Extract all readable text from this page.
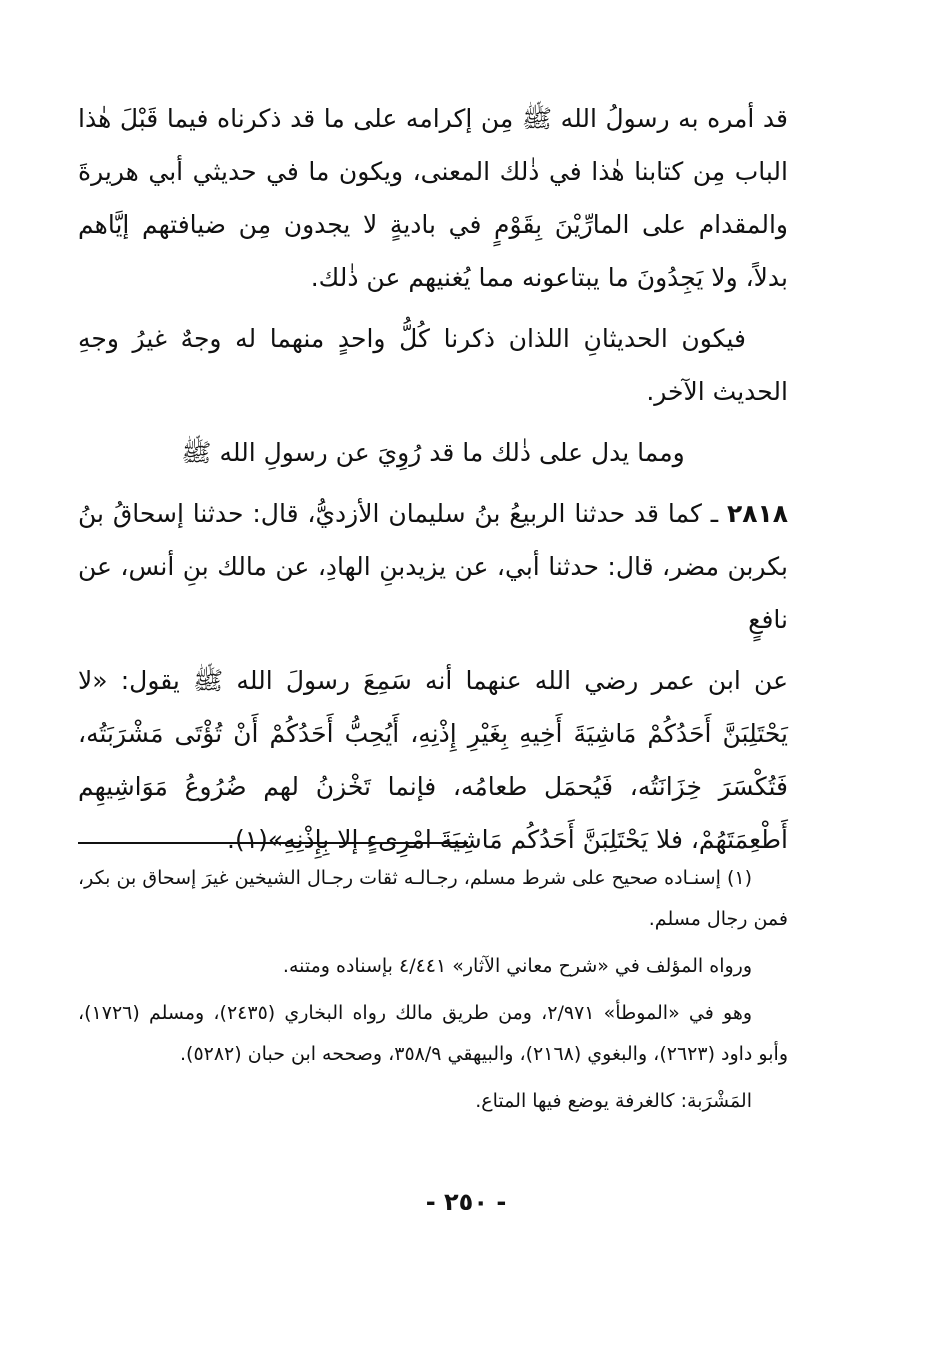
قد أمره به رسولُ الله ﷺ مِن إكرامه على ما قد ذكرناه فيما قَبْلَ هٰذا الباب مِن كتابنا هٰذا في ذٰلك المعنى، ويكون ما في حديثي أبي هريرةَ والمقدام على المارِّيْنَ بِقَوْمٍ في باديةٍ لا يجدون مِن ضيافتهم إيَّاهم بدلاً، ولا يَجِدُونَ ما يبتاعونه مما يُغنيهم عن ذٰلك.

فيكون الحديثانِ اللذان ذكرنا كُلُّ واحدٍ منهما له وجهٌ غيرُ وجهِ الحديث الآخر.

ومما يدل على ذٰلك ما قد رُوِيَ عن رسولِ الله ﷺ

٢٨١٨ ـ كما قد حدثنا الربيعُ بنُ سليمان الأزديُّ، قال: حدثنا إسحاقُ بنُ بكربن مضر، قال: حدثنا أبي، عن يزيدبنِ الهادِ، عن مالك بنِ أنس، عن نافعٍ

عن ابن عمر رضي الله عنهما أنه سَمِعَ رسولَ الله ﷺ يقول: «لا يَحْتَلِبَنَّ أَحَدُكُمْ مَاشِيَةَ أَخِيهِ بِغَيْرِ إِذْنِهِ، أَيُحِبُّ أَحَدُكُمْ أَنْ تُؤْتَى مَشْرَبَتُه، فَتُكْسَرَ خِزَانَتُه، فَيُحمَل طعامُه، فإنما تَخْزنُ لهم ضُرُوعُ مَوَاشِيهِم أَطْعِمَتَهُمْ، فلا يَحْتَلِبَنَّ أَحَدُكُم مَاشِيَةَ امْرِىءٍ إلا بِإِذْنِهِ»(١).

(١) إسنـاده صحيح على شرط مسلم، رجـالـه ثقات رجـال الشيخين غيرَ إسحاق بن بكر، فمن رجال مسلم.

ورواه المؤلف في «شرح معاني الآثار» ٤/٤٤١ بإسناده ومتنه.

وهو في «الموطأ» ٢/٩٧١، ومن طريق مالك رواه البخاري (٢٤٣٥)، ومسلم (١٧٢٦)، وأبو داود (٢٦٢٣)، والبغوي (٢١٦٨)، والبيهقي ٣٥٨/٩، وصححه ابن حبان (٥٢٨٢).

المَشْرَبة: كالغرفة يوضع فيها المتاع.

- ٢٥٠ -
